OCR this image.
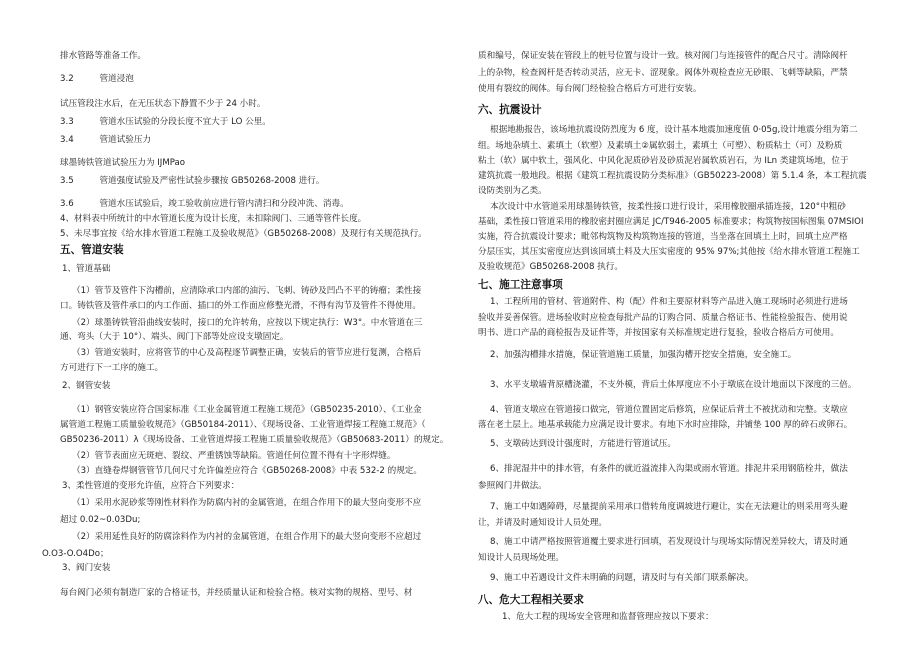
排水管路等准备工作。
3.2　　　管道浸泡
试压管段注水后，在无压状态下静置不少于 24 小时。
3.3　　　管道水压试验的分段长度不宜大于 LO 公里。
3.4　　　管道试验压力
球墨铸铁管道试验压力为 IJMPao
3.5　　　管道强度试验及严密性试验步骤按 GB50268-2008 进行。
3.6　　　管道水压试验后，竣工验收前应进行管内清扫和分段冲洗、消毒。
4、材料表中所统计的中水管道长度为设计长度，未扣除阀门、三通等管件长度。
5、未尽事宜按《给水排水管道工程施工及验收规范》（GB50268-2008）及现行有关规范执行。
五、管道安装
1、管道基础
（1）管节及管件下沟槽前，应清除承口内部的油污、飞刺、铸砂及凹凸不平的铸瘤；柔性接
口。铸铁管及管件承口的内工作面、插口的外工作面应修整光滑，不得有沟节及管件不得使用。
（2）球墨铸铁管沿曲线安装时，接口的允许转角，应按以下规定执行：W3°。中水管道在三
通、弯头（大于 10°）、端头、阀门下部等处应设支墩固定。
（3）管道安装时，应将管节的中心及高程逐节调整正确，安装后的管节应进行复测，合格后
方可进行下一工序的施工。
2、钢管安装
（1）钢管安装应符合国家标准《工业金属管道工程施工规范》（GB50235-2010）、《工业金
属管道工程施工质量验收规范》（GB50184-2011）、《现场设备、工业管道焊接工程施工规范》（
GB50236-2011）λ《现场设备、工业管道焊接工程施工质量验收规范》（GB50683-2011）的规定。
（2）管节表面应无斑疤、裂纹、严重锈蚀等缺陷。管道任何位置不得有十字形焊缝。
（3）直缝卷焊钢管管节几何尺寸允许偏差应符合《GB50268-2008》中表 532-2 的规定。
3、柔性管道的变形允许值，应符合下列要求：
（1）采用水泥砂浆等刚性材料作为防腐内衬的金属管道，在组合作用下的最大竖向变形不应
超过 0.02~0.03Du;
（2）采用延性良好的防腐涂料作为内衬的金属管道，在组合作用下的最大竖向变形不应超过
O.O3-O.O4Do；
3、阀门安装
每台阀门必须有制造厂家的合格证书，并经质量认证和检验合格。核对实物的规格、型号、材
质和编号，保证安装在管段上的桩号位置与设计一致。核对阀门与连接管件的配合尺寸。清除阀杆
上的杂物，检查阀杆是否转动灵活，应无卡、涩现象。阀体外观检查应无砂眼、飞刺等缺陷，严禁
使用有裂纹的阀体。每台阀门经检验合格后方可进行安装。
六、抗震设计
根据地勘报告，该场地抗震设防烈度为 6 度，设计基本地震加速度值 0·05g,设计地震分组为第二
组。场地杂填土、素填土（软塑）及素填土②属软弱土，素填土（可塑）、粉质粘土（可）及粉质
粘土（软）属中软土，强风化、中风化泥质砂岩及砂质泥岩属软质岩石，为 ILn 类建筑场地，位于
建筑抗震一般地段。根据《建筑工程抗震设防分类标准》（GB50223-2008）第 5.1.4 条，本工程抗震
设防类别为乙类。
本次设计中水管道采用球墨铸铁管，按柔性接口进行设计，采用橡胶圈承插连接，120°中粗砂
基础，柔性接口管道采用的橡胶密封圈应满足 JC/T946-2005 标准要求；构筑物按国标图集 07MSIOI
实施，符合抗震设计要求；毗邻构筑物及构筑物连接的管道，当坐落在回填土上时，回填土应严格
分层压实，其压实密度应达到该回填土料及大压实密度的 95% 97%;其他按《给水排水管道工程施工
及验收规范》GB50268-2008 执行。
七、施工注意事项
1、工程所用的管材、管道附件、构（配）件和主要原材料等产品进入施工现场时必须进行进场
验收并妥善保管。进场验收时应检查每批产品的订购合同、质量合格证书、性能检验报告、使用说
明书、进口产品的商检报告及证件等，并按国家有关标准规定进行复验，验收合格后方可使用。
2、加强沟槽排水措施，保证管道施工质量，加强沟槽开挖安全措施，安全施工。
3、水平支墩墙背原槽浇灌，不支外模，背后土体厚度应不小于墩底在设计地面以下深度的三倍。
4、管道支墩应在管道接口做完，管道位置固定后修筑，应保证后背土不被扰动和完整。支墩应
落在老土层上。地基承载能力应满足设计要求。有地下水时应排除，并铺垫 100 厚的碎石或卵石。
5、支墩砖达到设计强度时，方能进行管道试压。
6、排泥湿井中的排水管，有条件的就近溢流排入沟渠或雨水管道。排泥井采用钢筋栓井，做法
参照阀门井做法。
7、施工中如遇障碍，尽量提前采用承口借转角度调坡进行避让，实在无法避让的则采用弯头避
让，并请及时通知设计人员处理。
8、施工中请严格按照管道覆土要求进行回填，若发现设计与现场实际情况差异较大，请及时通
知设计人员现场处理。
9、施工中若遇设计文件未明确的问题，请及时与有关部门联系解决。
八、危大工程相关要求
1、危大工程的现场安全管理和监督管理应按以下要求：
